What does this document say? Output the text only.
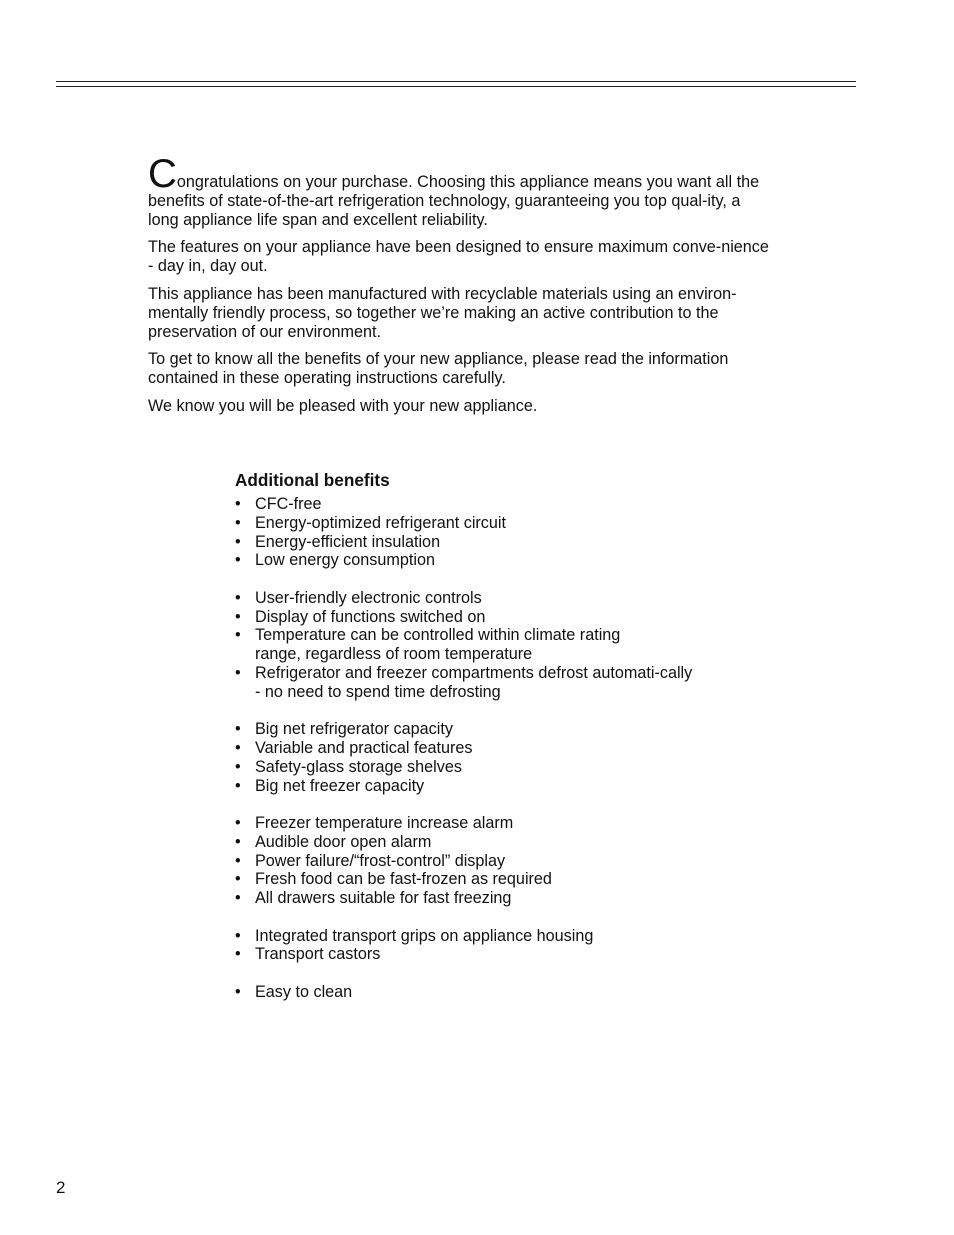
Congratulations on your purchase. Choosing this appliance means you want all the benefits of state-of-the-art refrigeration technology, guaranteeing you top qual-ity, a long appliance life span and excellent reliability.

The features on your appliance have been designed to ensure maximum conve-nience - day in, day out.

This appliance has been manufactured with recyclable materials using an environ-mentally friendly process, so together we’re making an active contribution to the preservation of our environment.

To get to know all the benefits of your new appliance, please read the information contained in these operating instructions carefully.

We know you will be pleased with your new appliance.

Additional benefits
• CFC-free
• Energy-optimized refrigerant circuit
• Energy-efficient insulation
• Low energy consumption
• User-friendly electronic controls
• Display of functions switched on
• Temperature can be controlled within climate rating range, regardless of room temperature
• Refrigerator and freezer compartments defrost automati-cally - no need to spend time defrosting
• Big net refrigerator capacity
• Variable and practical features
• Safety-glass storage shelves
• Big net freezer capacity
• Freezer temperature increase alarm
• Audible door open alarm
• Power failure/“frost-control” display
• Fresh food can be fast-frozen as required
• All drawers suitable for fast freezing
• Integrated transport grips on appliance housing
• Transport castors
• Easy to clean
2
